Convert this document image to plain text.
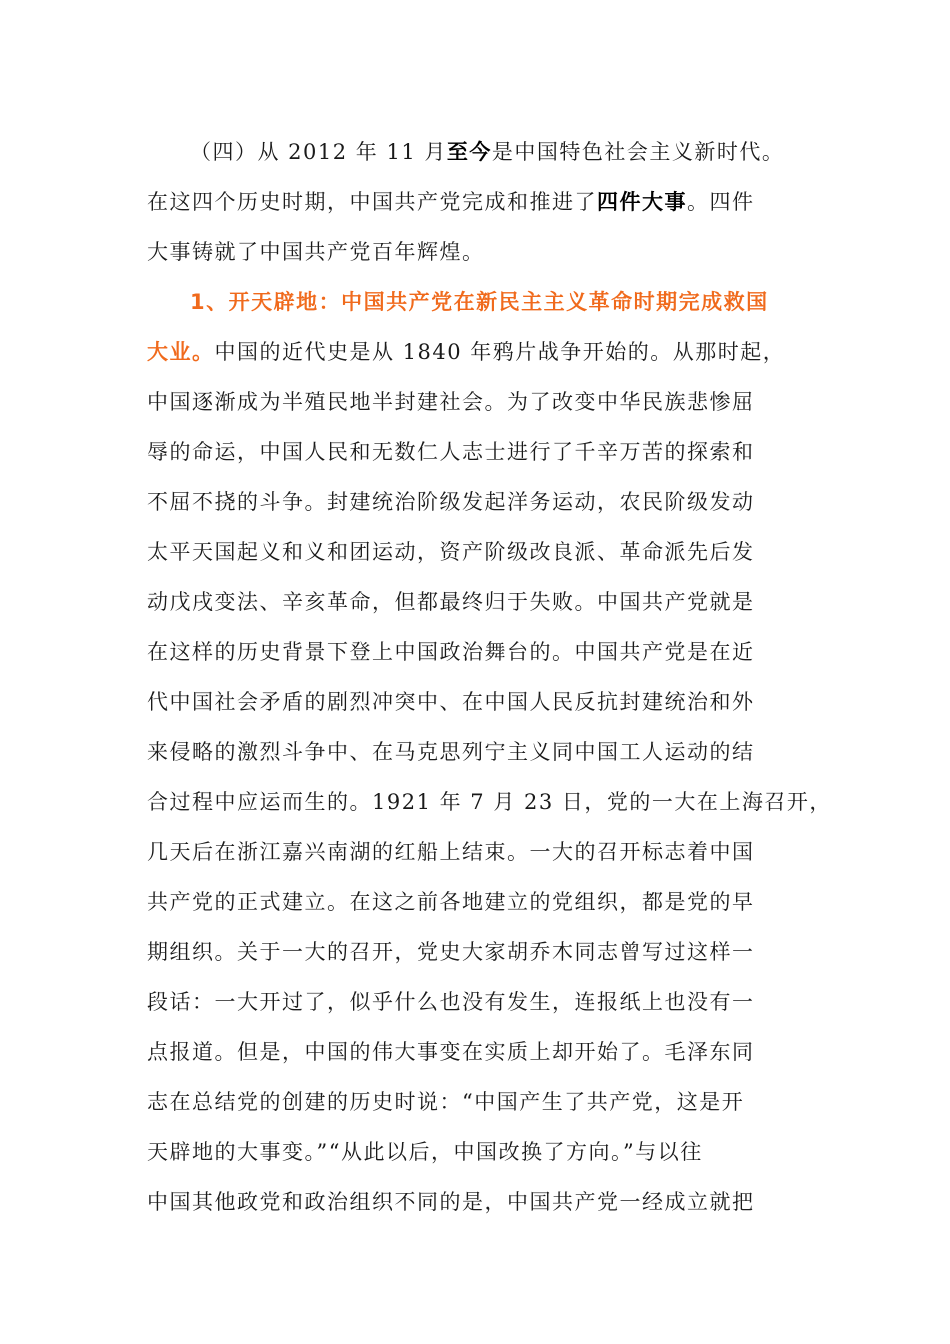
（四）从 2012 年 11 月至今是中国特色社会主义新时代。
在这四个历史时期，中国共产党完成和推进了四件大事。四件
大事铸就了中国共产党百年辉煌。
1、开天辟地：中国共产党在新民主主义革命时期完成救国
大业。中国的近代史是从 1840 年鸦片战争开始的。从那时起，
中国逐渐成为半殖民地半封建社会。为了改变中华民族悲惨屈
辱的命运，中国人民和无数仁人志士进行了千辛万苦的探索和
不屈不挠的斗争。封建统治阶级发起洋务运动，农民阶级发动
太平天国起义和义和团运动，资产阶级改良派、革命派先后发
动戊戌变法、辛亥革命，但都最终归于失败。中国共产党就是
在这样的历史背景下登上中国政治舞台的。中国共产党是在近
代中国社会矛盾的剧烈冲突中、在中国人民反抗封建统治和外
来侵略的激烈斗争中、在马克思列宁主义同中国工人运动的结
合过程中应运而生的。1921 年 7 月 23 日，党的一大在上海召开，
几天后在浙江嘉兴南湖的红船上结束。一大的召开标志着中国
共产党的正式建立。在这之前各地建立的党组织，都是党的早
期组织。关于一大的召开，党史大家胡乔木同志曾写过这样一
段话：一大开过了，似乎什么也没有发生，连报纸上也没有一
点报道。但是，中国的伟大事变在实质上却开始了。毛泽东同
志在总结党的创建的历史时说：“中国产生了共产党，这是开
天辟地的大事变。”“从此以后，中国改换了方向。”与以往
中国其他政党和政治组织不同的是，中国共产党一经成立就把
